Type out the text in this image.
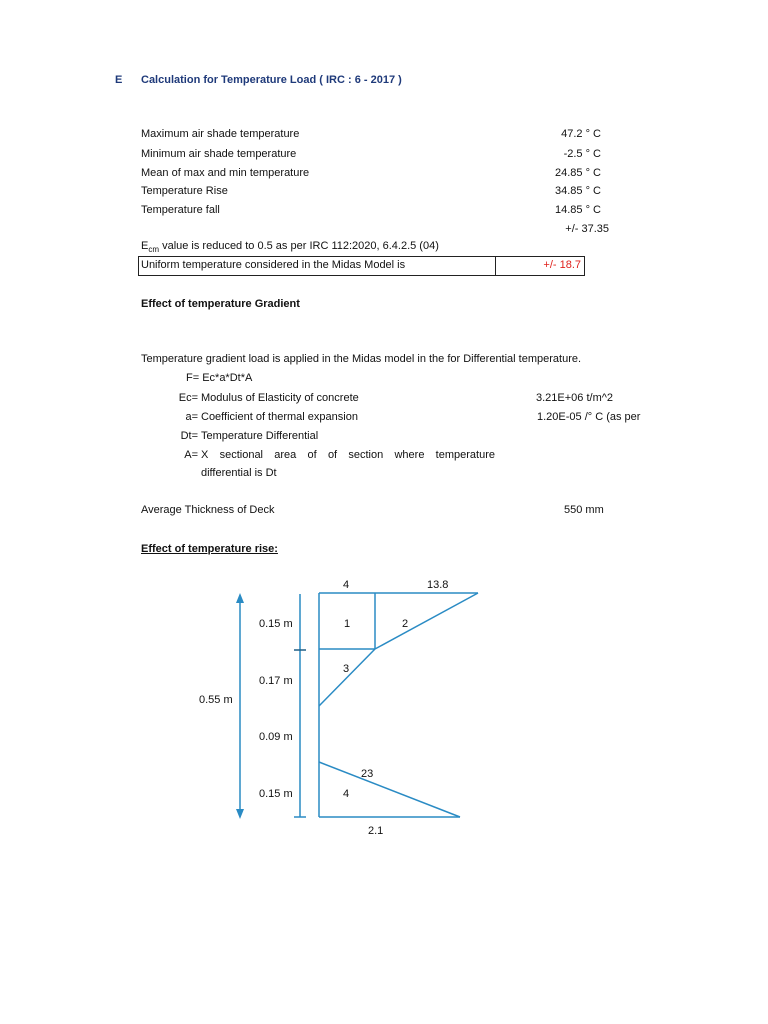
E Calculation for Temperature Load ( IRC : 6 - 2017 )
Maximum air shade temperature	47.2 ° C
Minimum air shade temperature	-2.5 ° C
Mean of max and min temperature	24.85 ° C
Temperature Rise	34.85 ° C
Temperature fall	14.85 ° C
+/- 37.35
$E_{cm}$ value is reduced to 0.5 as per IRC 112:2020, 6.4.2.5 (04)
Uniform temperature considered in the Midas Model is	+/- 18.7
Effect of temperature Gradient
Temperature gradient load is applied in the Midas model in the for Differential temperature.
F= Ec*a*Dt*A
Ec= Modulus of Elasticity of concrete	3.21E+06 t/m^2
a= Coefficient of thermal expansion	1.20E-05 /° C (as per
Dt= Temperature Differential
A= X sectional area of of section where temperature
differential is Dt
Average Thickness of Deck	550 mm
Effect of temperature rise:
0.55 m
0.15 m
0.17 m
0.09 m
0.15 m
4	13.8
1	2
3
23
4
2.1
